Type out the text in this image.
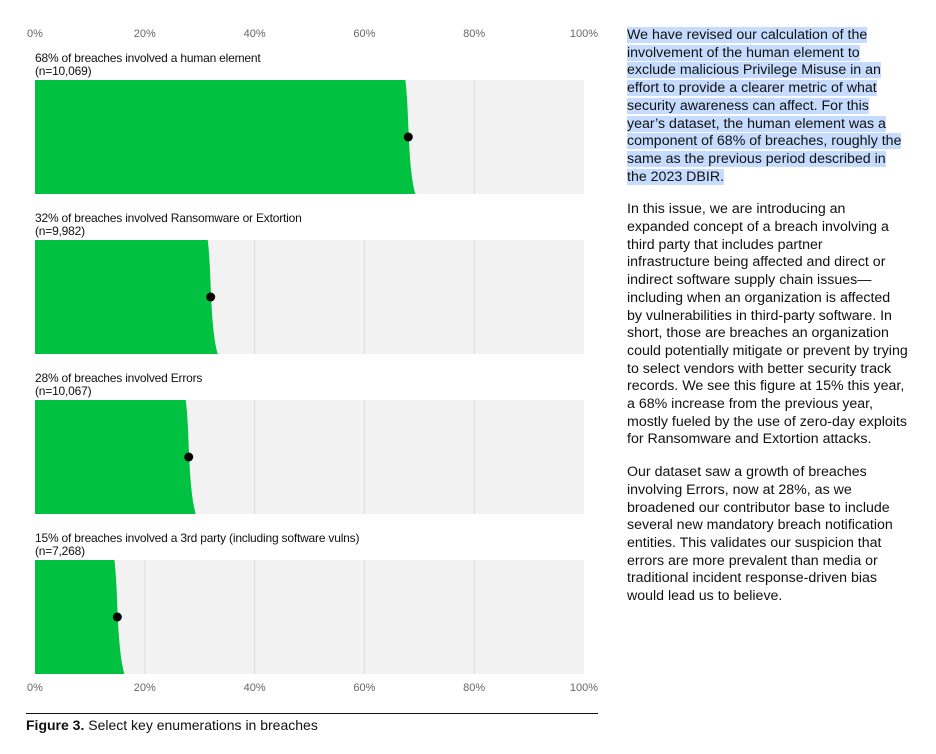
0%	20%	40%	60%	80%	100%
68% of breaches involved a human element
(n=10,069)
32% of breaches involved Ransomware or Extortion
(n=9,982)
28% of breaches involved Errors
(n=10,067)
15% of breaches involved a 3rd party (including software vulns)
(n=7,268)
0%	20%	40%	60%	80%	100%
Figure 3. Select key enumerations in breaches

We have revised our calculation of the involvement of the human element to exclude malicious Privilege Misuse in an effort to provide a clearer metric of what security awareness can affect. For this year’s dataset, the human element was a component of 68% of breaches, roughly the same as the previous period described in the 2023 DBIR.

In this issue, we are introducing an expanded concept of a breach involving a third party that includes partner infrastructure being affected and direct or indirect software supply chain issues—including when an organization is affected by vulnerabilities in third-party software. In short, those are breaches an organization could potentially mitigate or prevent by trying to select vendors with better security track records. We see this figure at 15% this year, a 68% increase from the previous year, mostly fueled by the use of zero-day exploits for Ransomware and Extortion attacks.

Our dataset saw a growth of breaches involving Errors, now at 28%, as we broadened our contributor base to include several new mandatory breach notification entities. This validates our suspicion that errors are more prevalent than media or traditional incident response-driven bias would lead us to believe.
